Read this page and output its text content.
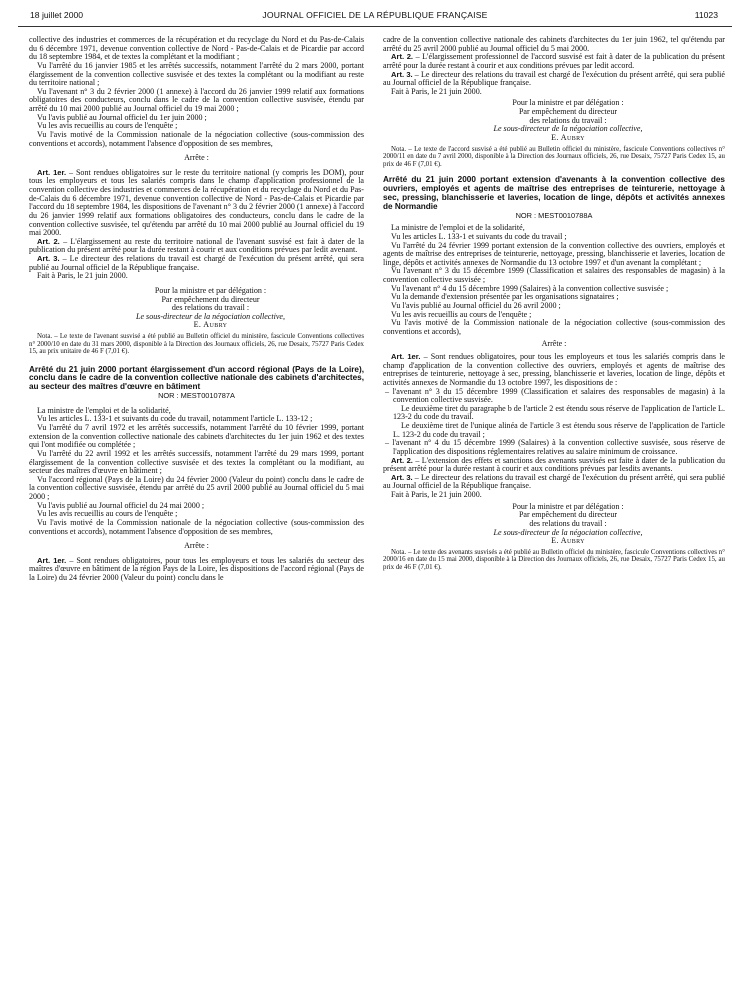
18 juillet 2000	JOURNAL OFFICIEL DE LA RÉPUBLIQUE FRANÇAISE	11023

collective des industries et commerces de la récupération et du recyclage du Nord et du Pas-de-Calais du 6 décembre 1971, devenue convention collective de Nord - Pas-de-Calais et de Picardie par accord du 18 septembre 1984, et de textes la complétant et la modifiant ;

Vu l'arrêté du 16 janvier 1985 et les arrêtés successifs, notamment l'arrêté du 2 mars 2000, portant élargissement de la convention collective susvisée et des textes la complétant ou la modifiant au reste du territoire national ;

Vu l'avenant n° 3 du 2 février 2000 (1 annexe) à l'accord du 26 janvier 1999 relatif aux formations obligatoires des conducteurs, conclu dans le cadre de la convention collective susvisée, étendu par arrêté du 10 mai 2000 publié au Journal officiel du 19 mai 2000 ;

Vu l'avis publié au Journal officiel du 1er juin 2000 ;

Vu les avis recueillis au cours de l'enquête ;

Vu l'avis motivé de la Commission nationale de la négociation collective (sous-commission des conventions et accords), notamment l'absence d'opposition de ses membres,

Arrête :

Art. 1er. – Sont rendues obligatoires sur le reste du territoire national (y compris les DOM), pour tous les employeurs et tous les salariés compris dans le champ d'application professionnel de la convention collective des industries et commerces de la récupération et du recyclage du Nord et du Pas-de-Calais du 6 décembre 1971, devenue convention collective de Nord - Pas-de-Calais et Picardie par l'accord du 18 septembre 1984, les dispositions de l'avenant n° 3 du 2 février 2000 (1 annexe) à l'accord du 26 janvier 1999 relatif aux formations obligatoires des conducteurs, conclu dans le cadre de la convention collective susvisée, tel qu'étendu par arrêté du 10 mai 2000 publié au Journal officiel du 19 mai 2000.

Art. 2. – L'élargissement au reste du territoire national de l'avenant susvisé est fait à dater de la publication du présent arrêté pour la durée restant à courir et aux conditions prévues par ledit avenant.

Art. 3. – Le directeur des relations du travail est chargé de l'exécution du présent arrêté, qui sera publié au Journal officiel de la République française.

Fait à Paris, le 21 juin 2000.

Pour la ministre et par délégation :

Par empêchement du directeur

des relations du travail :

Le sous-directeur de la négociation collective,

E. Aubry

Nota. – Le texte de l'avenant susvisé a été publié au Bulletin officiel du ministère, fascicule Conventions collectives n° 2000/10 en date du 31 mars 2000, disponible à la Direction des Journaux officiels, 26, rue Desaix, 75727 Paris Cedex 15, au prix unitaire de 46 F (7,01 €).

Arrêté du 21 juin 2000 portant élargissement d'un accord régional (Pays de la Loire), conclu dans le cadre de la convention collective nationale des cabinets d'architectes, au secteur des maîtres d'œuvre en bâtiment

NOR : MEST0010787A

La ministre de l'emploi et de la solidarité,

Vu les articles L. 133-1 et suivants du code du travail, notamment l'article L. 133-12 ;

Vu l'arrêté du 7 avril 1972 et les arrêtés successifs, notamment l'arrêté du 10 février 1999, portant extension de la convention collective nationale des cabinets d'architectes du 1er juin 1962 et des textes qui l'ont modifiée ou complétée ;

Vu l'arrêté du 22 avril 1992 et les arrêtés successifs, notamment l'arrêté du 29 mars 1999, portant élargissement de la convention collective susvisée et des textes la complétant ou la modifiant, au secteur des maîtres d'œuvre en bâtiment ;

Vu l'accord régional (Pays de la Loire) du 24 février 2000 (Valeur du point) conclu dans le cadre de la convention collective susvisée, étendu par arrêté du 25 avril 2000 publié au Journal officiel du 5 mai 2000 ;

Vu l'avis publié au Journal officiel du 24 mai 2000 ;

Vu les avis recueillis au cours de l'enquête ;

Vu l'avis motivé de la Commission nationale de la négociation collective (sous-commission des conventions et accords), notamment l'absence d'opposition de ses membres,

Arrête :

Art. 1er. – Sont rendues obligatoires, pour tous les employeurs et tous les salariés du secteur des maîtres d'œuvre en bâtiment de la région Pays de la Loire, les dispositions de l'accord régional (Pays de la Loire) du 24 février 2000 (Valeur du point) conclu dans le

cadre de la convention collective nationale des cabinets d'architectes du 1er juin 1962, tel qu'étendu par arrêté du 25 avril 2000 publié au Journal officiel du 5 mai 2000.

Art. 2. – L'élargissement professionnel de l'accord susvisé est fait à dater de la publication du présent arrêté pour la durée restant à courir et aux conditions prévues par ledit accord.

Art. 3. – Le directeur des relations du travail est chargé de l'exécution du présent arrêté, qui sera publié au Journal officiel de la République française.

Fait à Paris, le 21 juin 2000.

Pour la ministre et par délégation :

Par empêchement du directeur

des relations du travail :

Le sous-directeur de la négociation collective,

E. Aubry

Nota. – Le texte de l'accord susvisé a été publié au Bulletin officiel du ministère, fascicule Conventions collectives n° 2000/11 en date du 7 avril 2000, disponible à la Direction des Journaux officiels, 26, rue Desaix, 75727 Paris Cedex 15, au prix de 46 F (7,01 €).

Arrêté du 21 juin 2000 portant extension d'avenants à la convention collective des ouvriers, employés et agents de maîtrise des entreprises de teinturerie, nettoyage à sec, pressing, blanchisserie et laveries, location de linge, dépôts et activités annexes de Normandie

NOR : MEST0010788A

La ministre de l'emploi et de la solidarité,

Vu les articles L. 133-1 et suivants du code du travail ;

Vu l'arrêté du 24 février 1999 portant extension de la convention collective des ouvriers, employés et agents de maîtrise des entreprises de teinturerie, nettoyage, pressing, blanchisserie et laveries, location de linge, dépôts et activités annexes de Normandie du 13 octobre 1997 et d'un avenant la complétant ;

Vu l'avenant n° 3 du 15 décembre 1999 (Classification et salaires des responsables de magasin) à la convention collective susvisée ;

Vu l'avenant n° 4 du 15 décembre 1999 (Salaires) à la convention collective susvisée ;

Vu la demande d'extension présentée par les organisations signataires ;

Vu l'avis publié au Journal officiel du 26 avril 2000 ;

Vu les avis recueillis au cours de l'enquête ;

Vu l'avis motivé de la Commission nationale de la négociation collective (sous-commission des conventions et accords),

Arrête :

Art. 1er. – Sont rendues obligatoires, pour tous les employeurs et tous les salariés compris dans le champ d'application de la convention collective des ouvriers, employés et agents de maîtrise des entreprises de teinturerie, nettoyage à sec, pressing, blanchisserie et laveries, location de linge, dépôts et activités annexes de Normandie du 13 octobre 1997, les dispositions de :

– l'avenant n° 3 du 15 décembre 1999 (Classification et salaires des responsables de magasin) à la convention collective susvisée.

Le deuxième tiret du paragraphe b de l'article 2 est étendu sous réserve de l'application de l'article L. 123-2 du code du travail.

Le deuxième tiret de l'unique alinéa de l'article 3 est étendu sous réserve de l'application de l'article L. 123-2 du code du travail ;

– l'avenant n° 4 du 15 décembre 1999 (Salaires) à la convention collective susvisée, sous réserve de l'application des dispositions réglementaires relatives au salaire minimum de croissance.

Art. 2. – L'extension des effets et sanctions des avenants susvisés est faite à dater de la publication du présent arrêté pour la durée restant à courir et aux conditions prévues par lesdits avenants.

Art. 3. – Le directeur des relations du travail est chargé de l'exécution du présent arrêté, qui sera publié au Journal officiel de la République française.

Fait à Paris, le 21 juin 2000.

Pour la ministre et par délégation :

Par empêchement du directeur

des relations du travail :

Le sous-directeur de la négociation collective,

E. Aubry

Nota. – Le texte des avenants susvisés a été publié au Bulletin officiel du ministère, fascicule Conventions collectives n° 2000/16 en date du 15 mai 2000, disponible à la Direction des Journaux officiels, 26, rue Desaix, 75727 Paris Cedex 15, au prix de 46 F (7,01 €).
